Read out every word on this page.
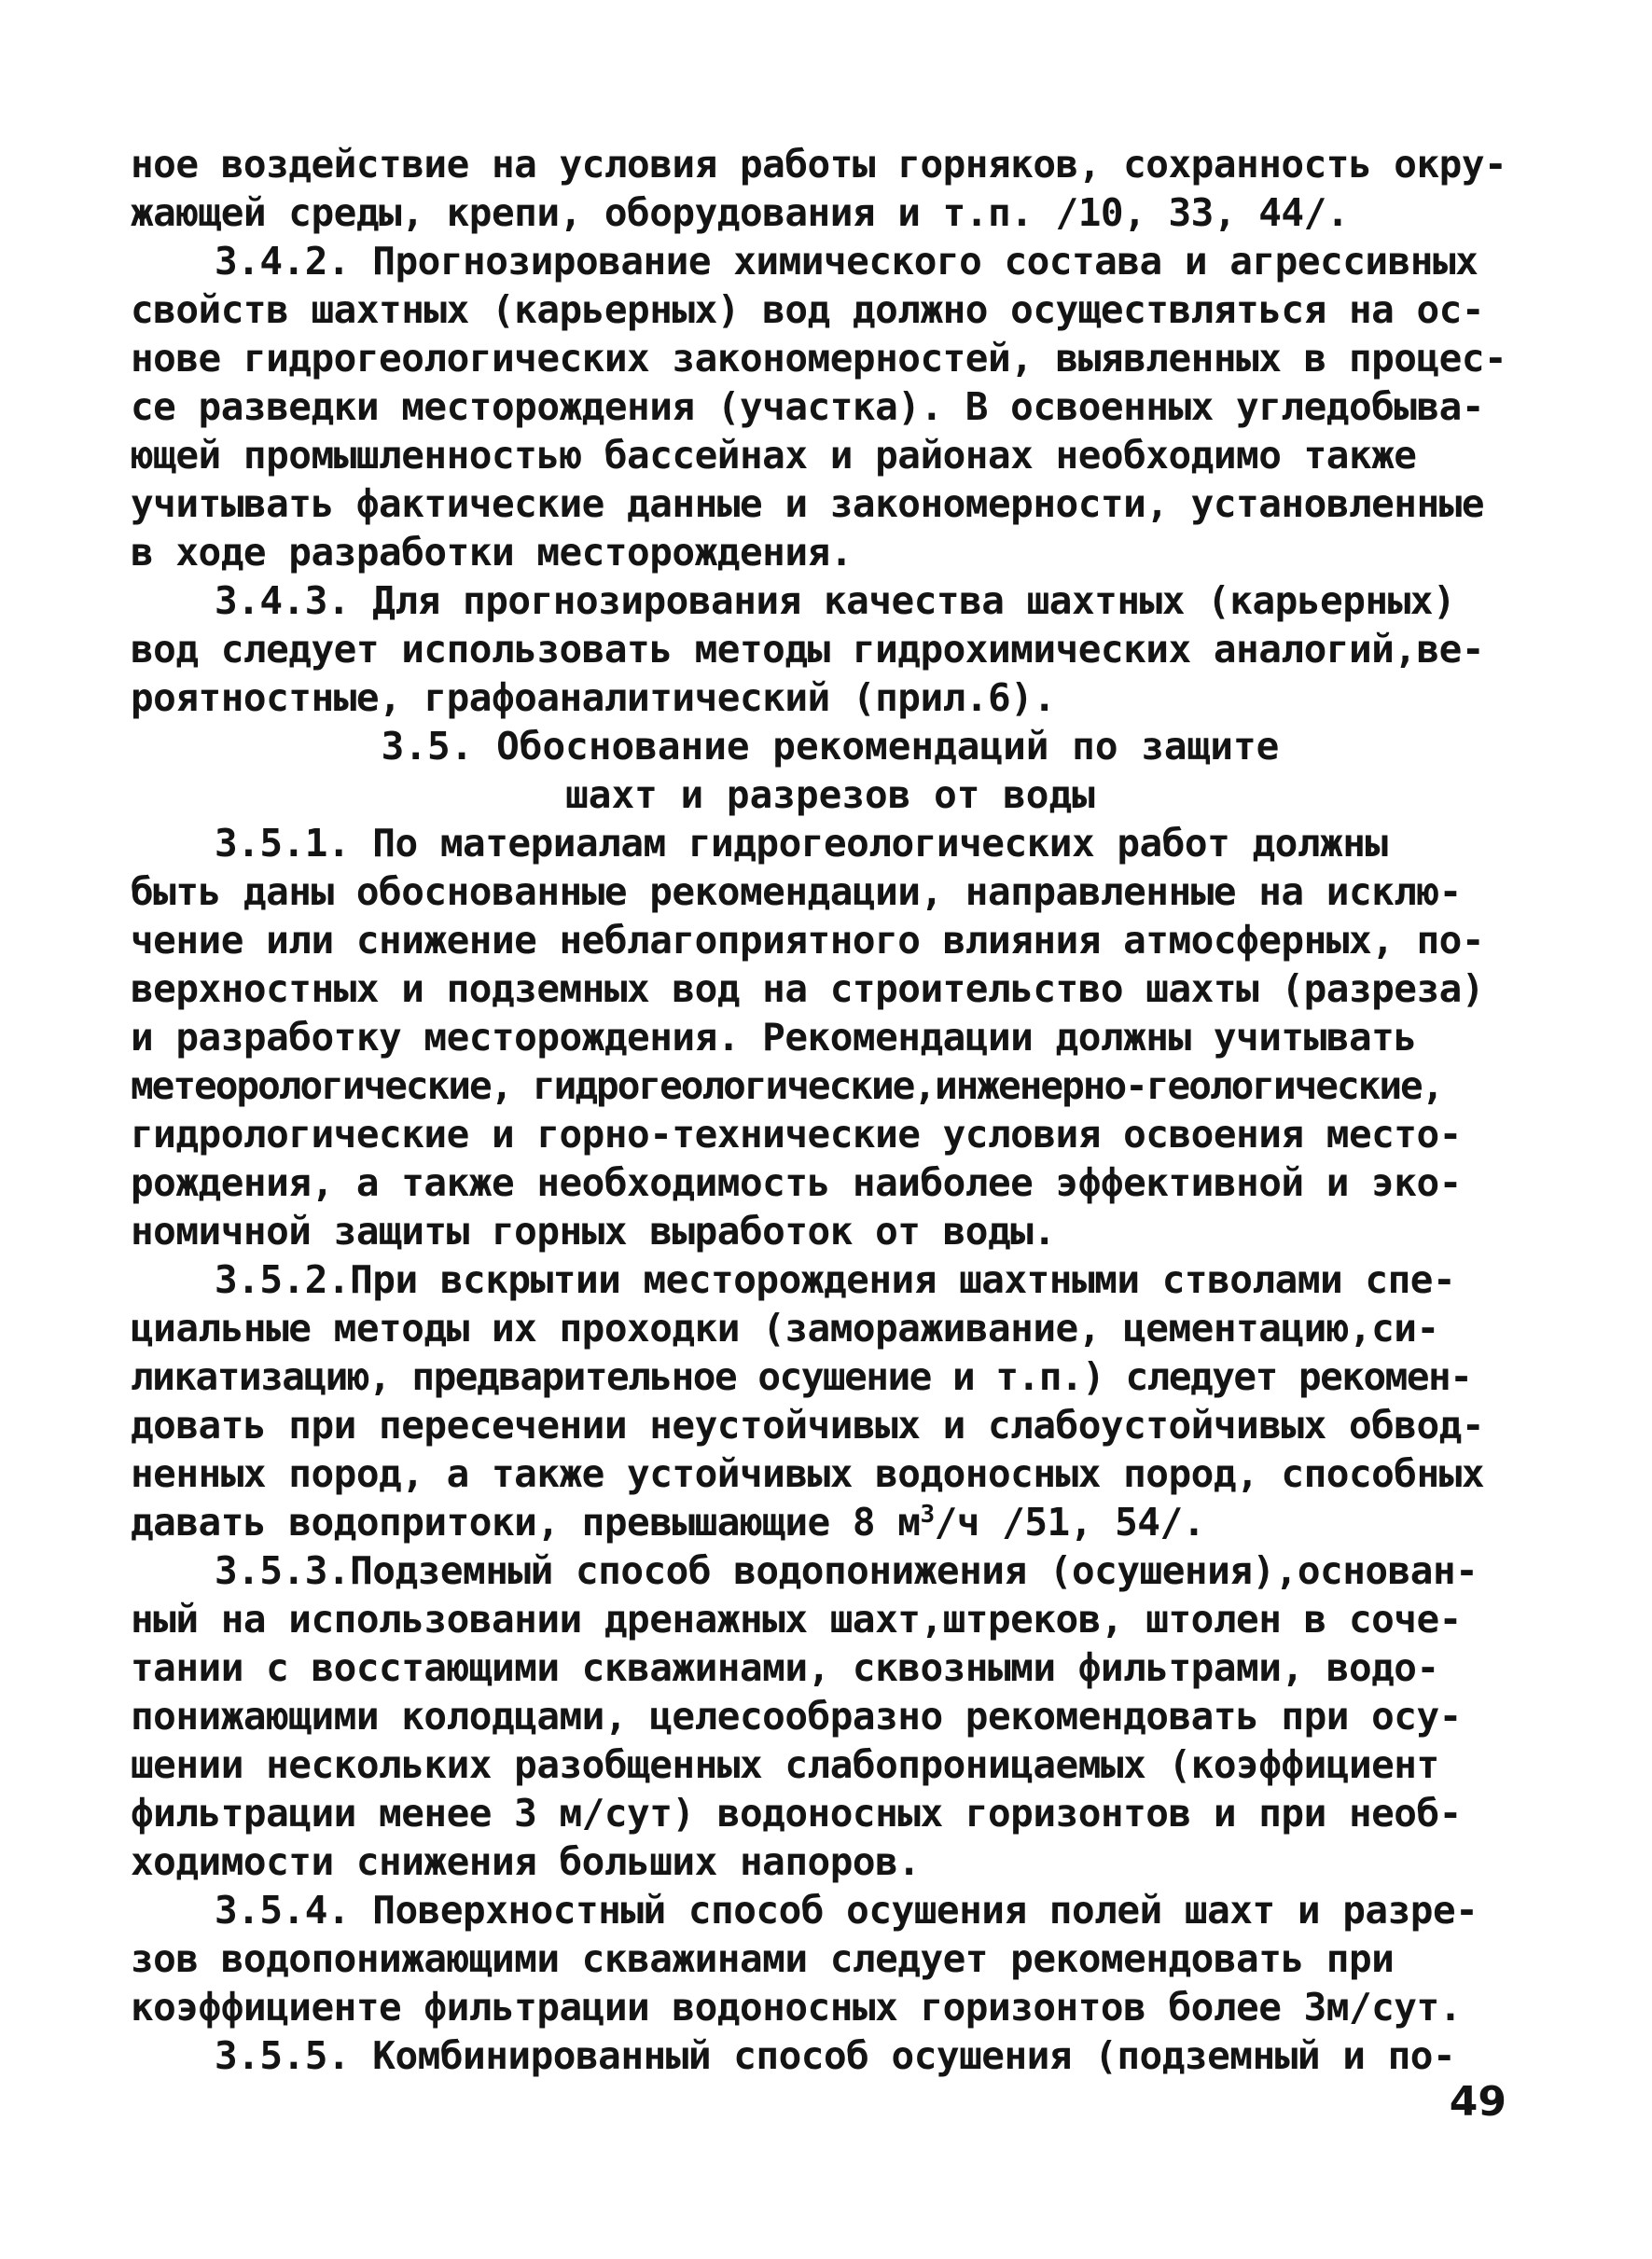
ное воздействие на условия работы горняков, сохранность окру-
жающей среды, крепи, оборудования и т.п. /10, 33, 44/.
3.4.2. Прогнозирование химического состава и агрессивных
свойств шахтных (карьерных) вод должно осуществляться на ос-
нове гидрогеологических закономерностей, выявленных в процес-
се разведки месторождения (участка). В освоенных угледобыва-
ющей промышленностью бассейнах и районах необходимо также
учитывать фактические данные и закономерности, установленные
в ходе разработки месторождения.
3.4.3. Для прогнозирования качества шахтных (карьерных)
вод следует использовать методы гидрохимических аналогий,ве-
роятностные, графоаналитический (прил.6).
3.5. Обоснование рекомендаций по защите
шахт и разрезов от воды
3.5.1. По материалам гидрогеологических работ должны
быть даны обоснованные рекомендации, направленные на исклю-
чение или снижение неблагоприятного влияния атмосферных, по-
верхностных и подземных вод на строительство шахты (разреза)
и разработку месторождения. Рекомендации должны учитывать
метеорологические, гидрогеологические,инженерно-геологические,
гидрологические и горно-технические условия освоения место-
рождения, а также необходимость наиболее эффективной и эко-
номичной защиты горных выработок от воды.
3.5.2.При вскрытии месторождения шахтными стволами спе-
циальные методы их проходки (замораживание, цементацию,си-
ликатизацию, предварительное осушение и т.п.) следует рекомен-
довать при пересечении неустойчивых и слабоустойчивых обвод-
ненных пород, а также устойчивых водоносных пород, способных
давать водопритоки, превышающие 8 $м^3/ч$ /51, 54/.
3.5.3.Подземный способ водопонижения (осушения),основан-
ный на использовании дренажных шахт,штреков, штолен в соче-
тании с восстающими скважинами, сквозными фильтрами, водо-
понижающими колодцами, целесообразно рекомендовать при осу-
шении нескольких разобщенных слабопроницаемых (коэффициент
фильтрации менее 3 м/сут) водоносных горизонтов и при необ-
ходимости снижения больших напоров.
3.5.4. Поверхностный способ осушения полей шахт и разре-
зов водопонижающими скважинами следует рекомендовать при
коэффициенте фильтрации водоносных горизонтов более 3м/сут.
3.5.5. Комбинированный способ осушения (подземный и по-
49
